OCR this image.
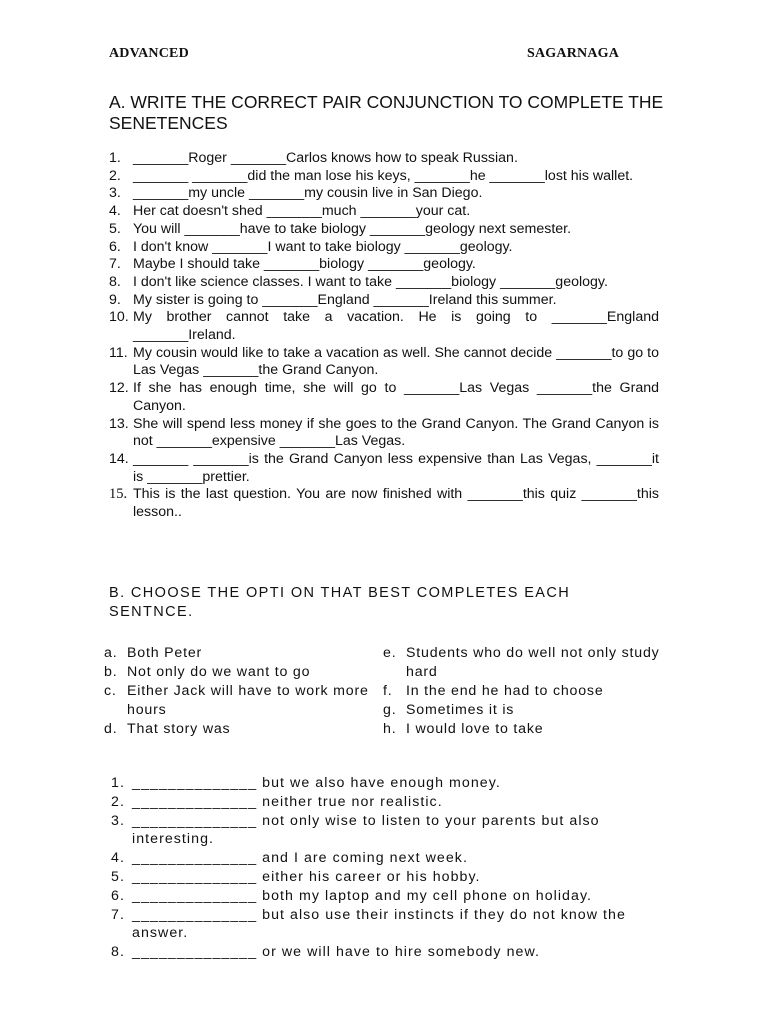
ADVANCED	SAGARNAGA
A. WRITE THE CORRECT PAIR CONJUNCTION TO COMPLETE THE SENETENCES
1. _______Roger _______Carlos knows how to speak Russian.
2. _______ _______did the man lose his keys, _______he _______lost his wallet.
3. _______my uncle _______my cousin live in San Diego.
4. Her cat doesn't shed _______much _______your cat.
5. You will _______have to take biology _______geology next semester.
6. I don't know _______I want to take biology _______geology.
7. Maybe I should take _______biology _______geology.
8. I don't like science classes. I want to take _______biology _______geology.
9. My sister is going to _______England _______Ireland this summer.
10. My brother cannot take a vacation. He is going to _______England _______Ireland.
11. My cousin would like to take a vacation as well. She cannot decide _______to go to Las Vegas _______the Grand Canyon.
12. If she has enough time, she will go to _______Las Vegas _______the Grand Canyon.
13. She will spend less money if she goes to the Grand Canyon. The Grand Canyon is not _______expensive _______Las Vegas.
14. _______ _______is the Grand Canyon less expensive than Las Vegas, _______it is _______prettier.
15. This is the last question. You are now finished with _______this quiz _______this lesson..
B. CHOOSE THE OPTI ON THAT BEST COMPLETES EACH SENTNCE.
a. Both Peter
b. Not only do we want to go
c. Either Jack will have to work more hours
d. That story was
e. Students who do well not only study hard
f. In the end he had to choose
g. Sometimes it is
h. I would love to take
1. ______________ but we also have enough money.
2. ______________ neither true nor realistic.
3. ______________ not only wise to listen to your parents but also interesting.
4. ______________ and I are coming next week.
5. ______________ either his career or his hobby.
6. ______________ both my laptop and my cell phone on holiday.
7. ______________ but also use their instincts if they do not know the answer.
8. ______________ or we will have to hire somebody new.
